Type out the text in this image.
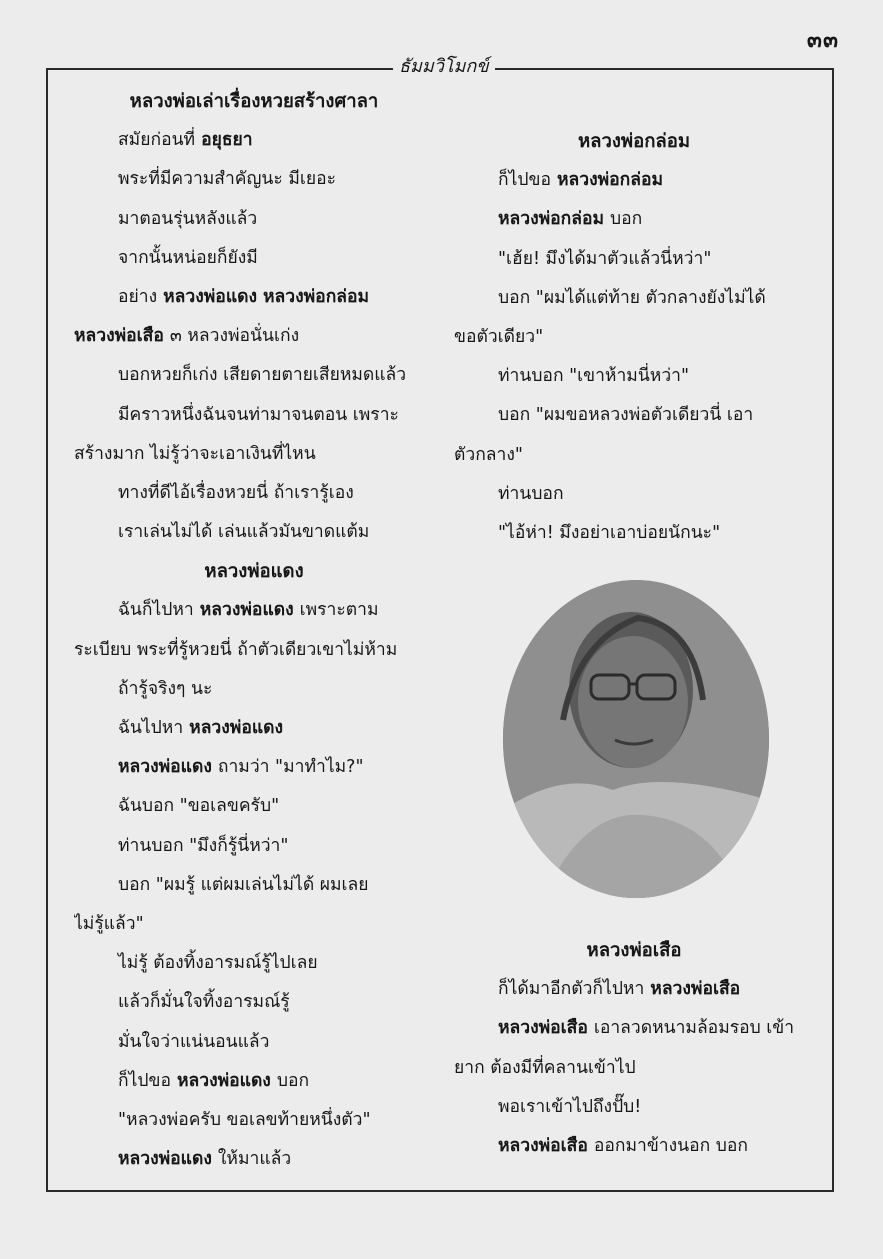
๓๓
ธัมมวิโมกข์
หลวงพ่อเล่าเรื่องหวยสร้างศาลา
สมัยก่อนที่ อยุธยา
พระที่มีความสำคัญนะ มีเยอะ
มาตอนรุ่นหลังแล้ว
จากนั้นหน่อยก็ยังมี
อย่าง หลวงพ่อแดง หลวงพ่อกล่อม
หลวงพ่อเสือ ๓ หลวงพ่อนั่นเก่ง
บอกหวยก็เก่ง เสียดายตายเสียหมดแล้ว
มีคราวหนึ่งฉันจนท่ามาจนตอน เพราะ
สร้างมาก ไม่รู้ว่าจะเอาเงินที่ไหน
ทางที่ดีไอ้เรื่องหวยนี่ ถ้าเรารู้เอง
เราเล่นไม่ได้ เล่นแล้วมันขาดแต้ม
หลวงพ่อแดง
ฉันก็ไปหา หลวงพ่อแดง เพราะตาม
ระเบียบ พระที่รู้หวยนี่ ถ้าตัวเดียวเขาไม่ห้าม
ถ้ารู้จริงๆ นะ
ฉันไปหา หลวงพ่อแดง
หลวงพ่อแดง ถามว่า "มาทำไม?"
ฉันบอก "ขอเลขครับ"
ท่านบอก "มึงก็รู้นี่หว่า"
บอก "ผมรู้ แต่ผมเล่นไม่ได้ ผมเลย
ไม่รู้แล้ว"
ไม่รู้ ต้องทิ้งอารมณ์รู้ไปเลย
แล้วก็มั่นใจทิ้งอารมณ์รู้
มั่นใจว่าแน่นอนแล้ว
ก็ไปขอ หลวงพ่อแดง บอก
"หลวงพ่อครับ ขอเลขท้ายหนึ่งตัว"
หลวงพ่อแดง ให้มาแล้ว
หลวงพ่อกล่อม
ก็ไปขอ หลวงพ่อกล่อม
หลวงพ่อกล่อม บอก
"เฮ้ย! มึงได้มาตัวแล้วนี่หว่า"
บอก "ผมได้แต่ท้าย ตัวกลางยังไม่ได้
ขอตัวเดียว"
ท่านบอก "เขาห้ามนี่หว่า"
บอก "ผมขอหลวงพ่อตัวเดียวนี่ เอา
ตัวกลาง"
ท่านบอก
"ไอ้ห่า! มึงอย่าเอาบ่อยนักนะ"
หลวงพ่อเสือ
ก็ได้มาอีกตัวก็ไปหา หลวงพ่อเสือ
หลวงพ่อเสือ เอาลวดหนามล้อมรอบ เข้า
ยาก ต้องมีที่คลานเข้าไป
พอเราเข้าไปถึงปั๊บ!
หลวงพ่อเสือ ออกมาข้างนอก บอก
